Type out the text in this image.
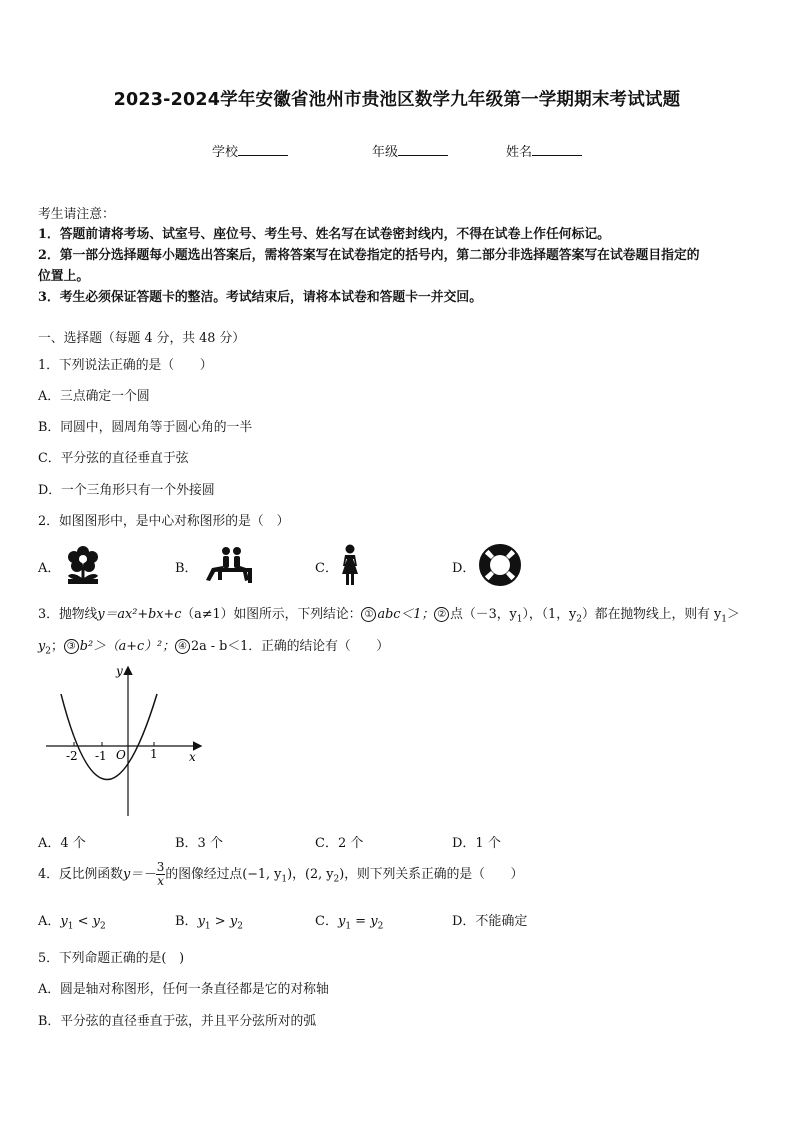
2023-2024学年安徽省池州市贵池区数学九年级第一学期期末考试试题
学校	年级	姓名
考生请注意：
1．答题前请将考场、试室号、座位号、考生号、姓名写在试卷密封线内，不得在试卷上作任何标记。
2．第一部分选择题每小题选出答案后，需将答案写在试卷指定的括号内，第二部分非选择题答案写在试卷题目指定的
位置上。
3．考生必须保证答题卡的整洁。考试结束后，请将本试卷和答题卡一并交回。
一、选择题（每题 4 分，共 48 分）
1．下列说法正确的是（　　）
A．三点确定一个圆
B．同圆中，圆周角等于圆心角的一半
C．平分弦的直径垂直于弦
D．一个三角形只有一个外接圆
2．如图图形中，是中心对称图形的是（　）
A．	B．	C．	D．
3．抛物线y＝ax²+bx+c（a≠1）如图所示，下列结论： ① abc＜1； ② 点（－3，$y_1$），（1，$y_2$）都在抛物线上，则有 $y_1>$
$y_2$； ③ b²＞（a+c）²； ④ 2a - b＜1．正确的结论有（　　）
-2 -1	1
O	x
y
A．4 个	B．3 个	C．2 个	D．1 个
4．反比例函数$y=- \frac{3}{x}$ 的图像经过点(−1, $y_1$)，(2, $y_2$)，则下列关系正确的是（　　）
A．$y_1 < y_2$	B．$y_1 > y_2$	C．$y_1 = y_2$	D．不能确定
5．下列命题正确的是(　)
A．圆是轴对称图形，任何一条直径都是它的对称轴
B．平分弦的直径垂直于弦，并且平分弦所对的弧
